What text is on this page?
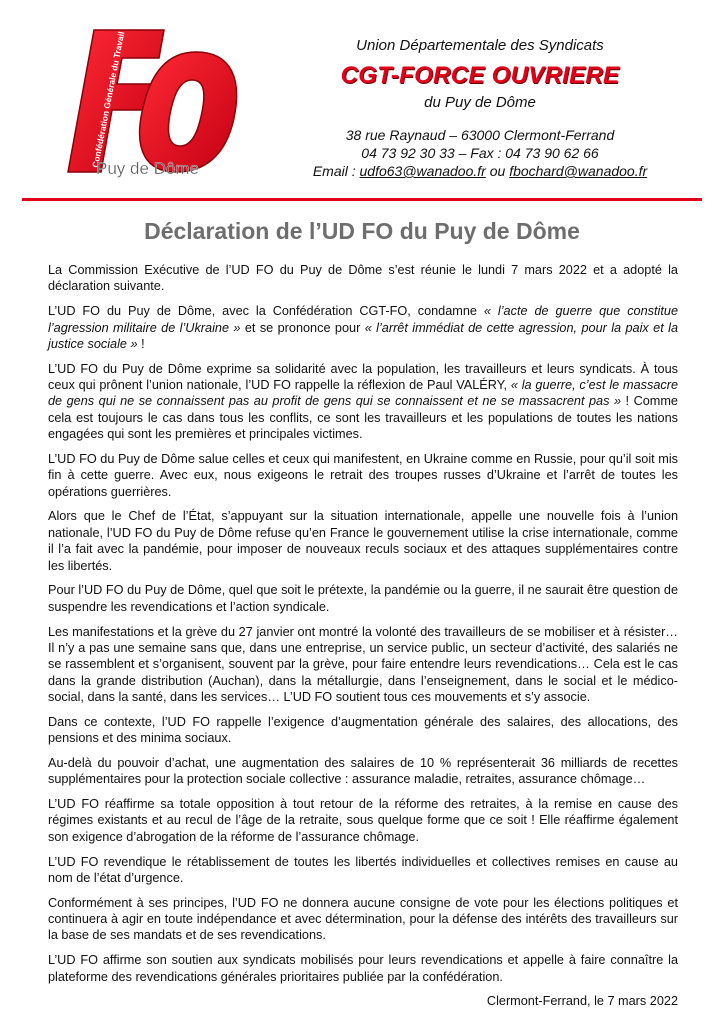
Confédération Générale du Travail
Puy de Dôme

Union Départementale des Syndicats

CGT-FORCE OUVRIERE

du Puy de Dôme

38 rue Raynaud – 63000 Clermont-Ferrand

04 73 92 30 33 – Fax : 04 73 90 62 66

Email : udfo63@wanadoo.fr ou fbochard@wanadoo.fr

Déclaration de l’UD FO du Puy de Dôme

La Commission Exécutive de l’UD FO du Puy de Dôme s’est réunie le lundi 7 mars 2022 et a adopté la déclaration suivante.

L’UD FO du Puy de Dôme, avec la Confédération CGT-FO, condamne « l’acte de guerre que constitue l’agression militaire de l’Ukraine » et se prononce pour « l’arrêt immédiat de cette agression, pour la paix et la justice sociale » !

L’UD FO du Puy de Dôme exprime sa solidarité avec la population, les travailleurs et leurs syndicats. À tous ceux qui prônent l’union nationale, l’UD FO rappelle la réflexion de Paul VALÉRY, « la guerre, c’est le massacre de gens qui ne se connaissent pas au profit de gens qui se connaissent et ne se massacrent pas » ! Comme cela est toujours le cas dans tous les conflits, ce sont les travailleurs et les populations de toutes les nations engagées qui sont les premières et principales victimes.

L’UD FO du Puy de Dôme salue celles et ceux qui manifestent, en Ukraine comme en Russie, pour qu’il soit mis fin à cette guerre. Avec eux, nous exigeons le retrait des troupes russes d’Ukraine et l’arrêt de toutes les opérations guerrières.

Alors que le Chef de l’État, s’appuyant sur la situation internationale, appelle une nouvelle fois à l’union nationale, l’UD FO du Puy de Dôme refuse qu’en France le gouvernement utilise la crise internationale, comme il l’a fait avec la pandémie, pour imposer de nouveaux reculs sociaux et des attaques supplémentaires contre les libertés.

Pour l’UD FO du Puy de Dôme, quel que soit le prétexte, la pandémie ou la guerre, il ne saurait être question de suspendre les revendications et l’action syndicale.

Les manifestations et la grève du 27 janvier ont montré la volonté des travailleurs de se mobiliser et à résister… Il n’y a pas une semaine sans que, dans une entreprise, un service public, un secteur d’activité, des salariés ne se rassemblent et s’organisent, souvent par la grève, pour faire entendre leurs revendications… Cela est le cas dans la grande distribution (Auchan), dans la métallurgie, dans l’enseignement, dans le social et le médico-social, dans la santé, dans les services… L’UD FO soutient tous ces mouvements et s’y associe.

Dans ce contexte, l’UD FO rappelle l’exigence d’augmentation générale des salaires, des allocations, des pensions et des minima sociaux.

Au-delà du pouvoir d’achat, une augmentation des salaires de 10 % représenterait 36 milliards de recettes supplémentaires pour la protection sociale collective : assurance maladie, retraites, assurance chômage…

L’UD FO réaffirme sa totale opposition à tout retour de la réforme des retraites, à la remise en cause des régimes existants et au recul de l’âge de la retraite, sous quelque forme que ce soit ! Elle réaffirme également son exigence d’abrogation de la réforme de l’assurance chômage.

L’UD FO revendique le rétablissement de toutes les libertés individuelles et collectives remises en cause au nom de l’état d’urgence.

Conformément à ses principes, l’UD FO ne donnera aucune consigne de vote pour les élections politiques et continuera à agir en toute indépendance et avec détermination, pour la défense des intérêts des travailleurs sur la base de ses mandats et de ses revendications.

L’UD FO affirme son soutien aux syndicats mobilisés pour leurs revendications et appelle à faire connaître la plateforme des revendications générales prioritaires publiée par la confédération.

Clermont-Ferrand, le 7 mars 2022
